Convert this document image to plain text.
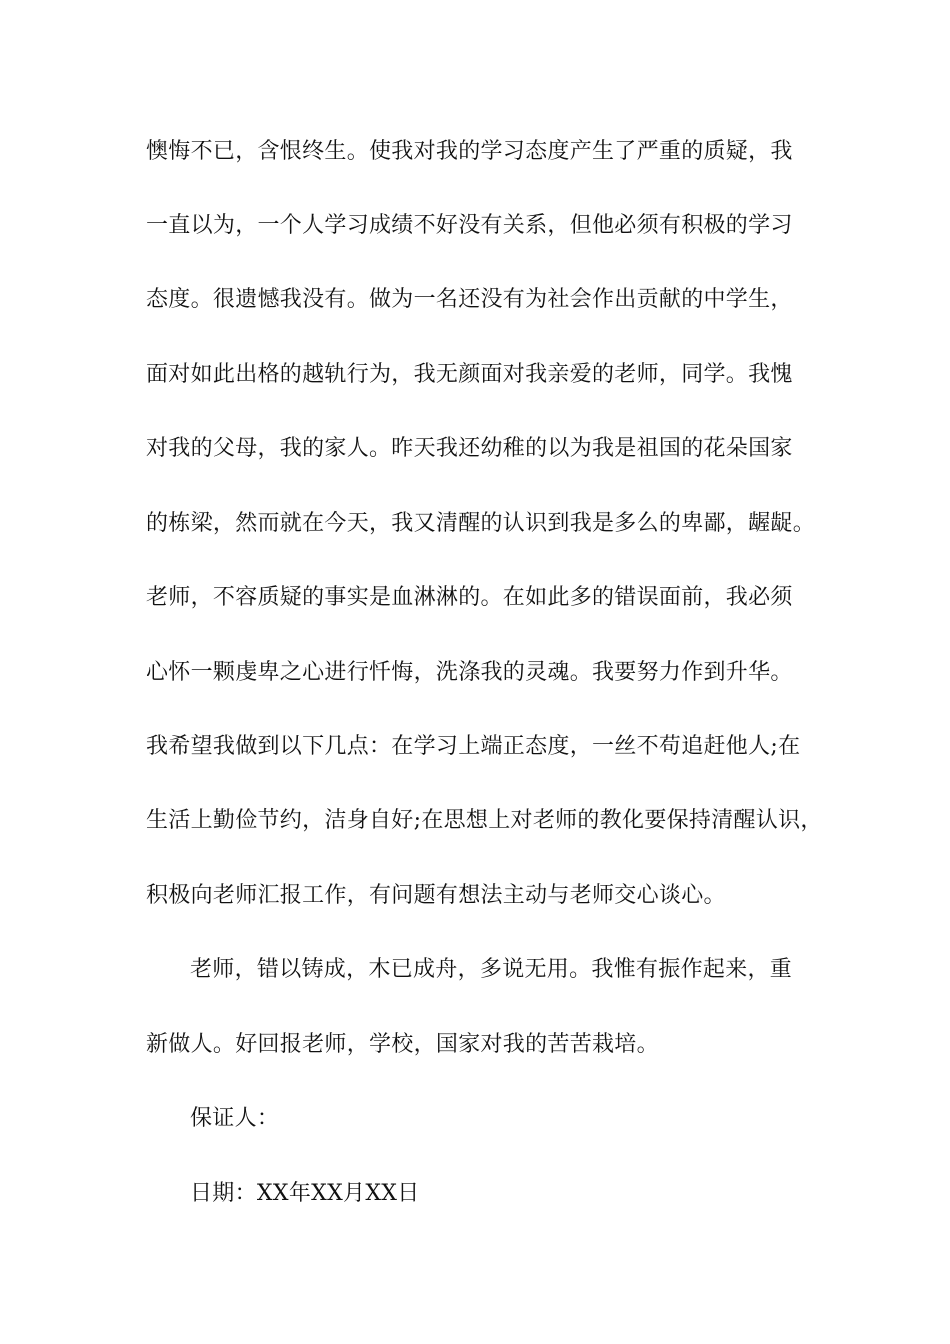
懊悔不已，含恨终生。使我对我的学习态度产生了严重的质疑，我
一直以为，一个人学习成绩不好没有关系，但他必须有积极的学习
态度。很遗憾我没有。做为一名还没有为社会作出贡献的中学生，
面对如此出格的越轨行为，我无颜面对我亲爱的老师，同学。我愧
对我的父母，我的家人。昨天我还幼稚的以为我是祖国的花朵国家
的栋梁，然而就在今天，我又清醒的认识到我是多么的卑鄙，龌龊。
老师，不容质疑的事实是血淋淋的。在如此多的错误面前，我必须
心怀一颗虔卑之心进行忏悔，洗涤我的灵魂。我要努力作到升华。
我希望我做到以下几点：在学习上端正态度，一丝不苟追赶他人;在
生活上勤俭节约，洁身自好;在思想上对老师的教化要保持清醒认识，
积极向老师汇报工作，有问题有想法主动与老师交心谈心。
老师，错以铸成，木已成舟，多说无用。我惟有振作起来，重
新做人。好回报老师，学校，国家对我的苦苦栽培。
保证人：
日期：XX年XX月XX日
